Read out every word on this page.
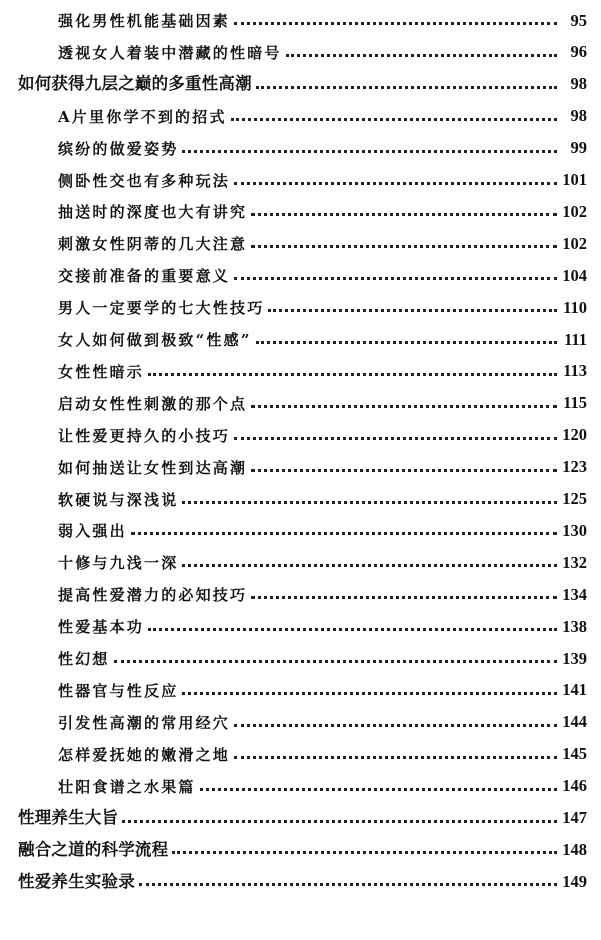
强化男性机能基础因素	95
透视女人着装中潜藏的性暗号	96
如何获得九层之巅的多重性高潮	98
A片里你学不到的招式	98
缤纷的做爱姿势	99
侧卧性交也有多种玩法	101
抽送时的深度也大有讲究	102
刺激女性阴蒂的几大注意	102
交接前准备的重要意义	104
男人一定要学的七大性技巧	110
女人如何做到极致“性感”	111
女性性暗示	113
启动女性性刺激的那个点	115
让性爱更持久的小技巧	120
如何抽送让女性到达高潮	123
软硬说与深浅说	125
弱入强出	130
十修与九浅一深	132
提高性爱潜力的必知技巧	134
性爱基本功	138
性幻想	139
性器官与性反应	141
引发性高潮的常用经穴	144
怎样爱抚她的嫩滑之地	145
壮阳食谱之水果篇	146
性理养生大旨	147
融合之道的科学流程	148
性爱养生实验录	149
